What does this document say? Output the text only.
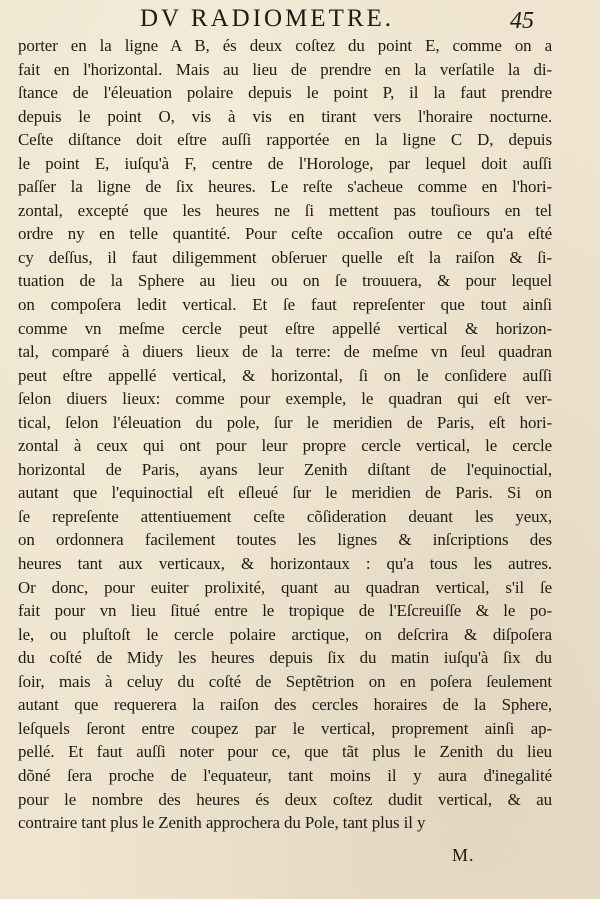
DV RADIOMETRE.	45
porter en la ligne A B, és deux coſtez du point E, comme on a
fait en l'horizontal. Mais au lieu de prendre en la verſatile la di-
ſtance de l'éleuation polaire depuis le point P, il la faut prendre
depuis le point O, vis à vis en tirant vers l'horaire nocturne.
Ceſte diſtance doit eſtre auſſi rapportée en la ligne C D, depuis
le point E, iuſqu'à F, centre de l'Horologe, par lequel doit auſſi
paſſer la ligne de ſix heures. Le reſte s'acheue comme en l'hori-
zontal, excepté que les heures ne ſi mettent pas touſiours en tel
ordre ny en telle quantité. Pour ceſte occaſion outre ce qu'a eſté
cy deſſus, il faut diligemment obſeruer quelle eſt la raiſon & ſi-
tuation de la Sphere au lieu ou on ſe trouuera, & pour lequel
on compoſera ledit vertical. Et ſe faut repreſenter que tout ainſi
comme vn meſme cercle peut eſtre appellé vertical & horizon-
tal, comparé à diuers lieux de la terre: de meſme vn ſeul quadran
peut eſtre appellé vertical, & horizontal, ſi on le conſidere auſſi
ſelon diuers lieux: comme pour exemple, le quadran qui eſt ver-
tical, ſelon l'éleuation du pole, ſur le meridien de Paris, eſt hori-
zontal à ceux qui ont pour leur propre cercle vertical, le cercle
horizontal de Paris, ayans leur Zenith diſtant de l'equinoctial,
autant que l'equinoctial eſt eſleué ſur le meridien de Paris. Si on
ſe repreſente attentiuement ceſte cõſideration deuant les yeux,
on ordonnera facilement toutes les lignes & inſcriptions des
heures tant aux verticaux, & horizontaux : qu'a tous les autres.
Or donc, pour euiter prolixité, quant au quadran vertical, s'il ſe
fait pour vn lieu ſitué entre le tropique de l'Eſcreuiſſe & le po-
le, ou pluſtoſt le cercle polaire arctique, on deſcrira & diſpoſera
du coſté de Midy les heures depuis ſix du matin iuſqu'à ſix du
ſoir, mais à celuy du coſté de Septẽtrion on en poſera ſeulement
autant que requerera la raiſon des cercles horaires de la Sphere,
leſquels ſeront entre coupez par le vertical, proprement ainſi ap-
pellé. Et faut auſſi noter pour ce, que tãt plus le Zenith du lieu
dõné ſera proche de l'equateur, tant moins il y aura d'inegalité
pour le nombre des heures és deux coſtez dudit vertical, & au
contraire tant plus le Zenith approchera du Pole, tant plus il y
M.
